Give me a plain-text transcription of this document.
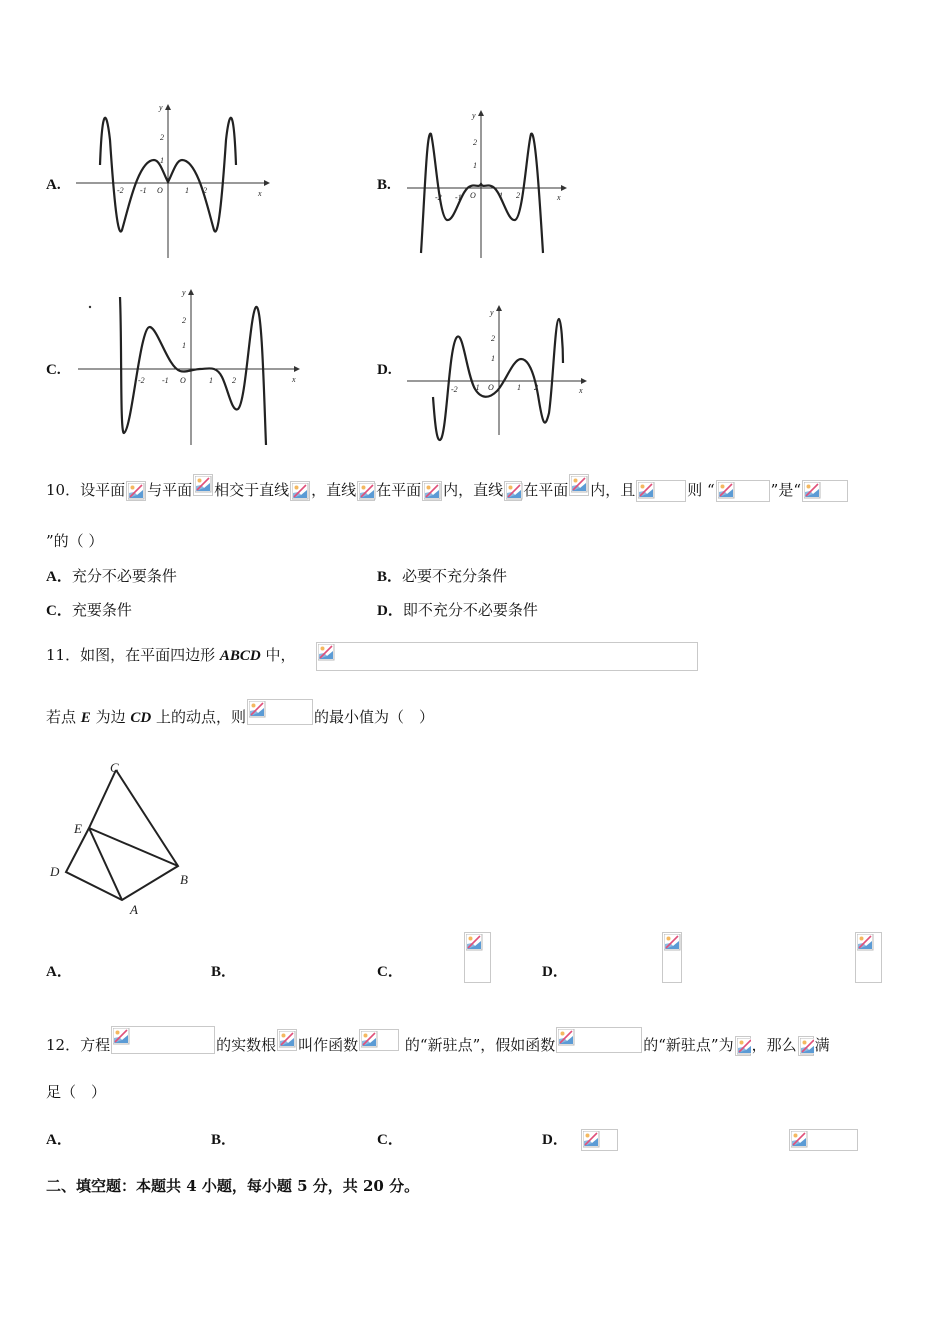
A.	-2 -1 O	1 2
1
2
x
y
B.
-2 -1 O	1 2
1
2
x
y
C.
-2 -1 O	1 2
1
2
x
y
D.
-2 -1 O	1 2
1
2
x
y
10．设平面 与平面 相交于直线 ，直线 在平面 内，直线 在平面 内，且	则 “	”是“
”的（ ）
A．充分不必要条件	B．必要不充分条件
C．充要条件	D．即不充分不必要条件
11．如图，在平面四边形 ABCD 中，

若点 E 为边 CD 上的动点，则	的最小值为（　）
C
E
D
B
A
A．
	B．
	C．
	D．

12．方程	的实数根 叫作函数	的“新驻点”，假如函数	的“新驻点”为 ，那么 满
足（　）
A．
	B．
	C．
	D．
二、填空题：本题共 4 小题，每小题 5 分，共 20 分。
